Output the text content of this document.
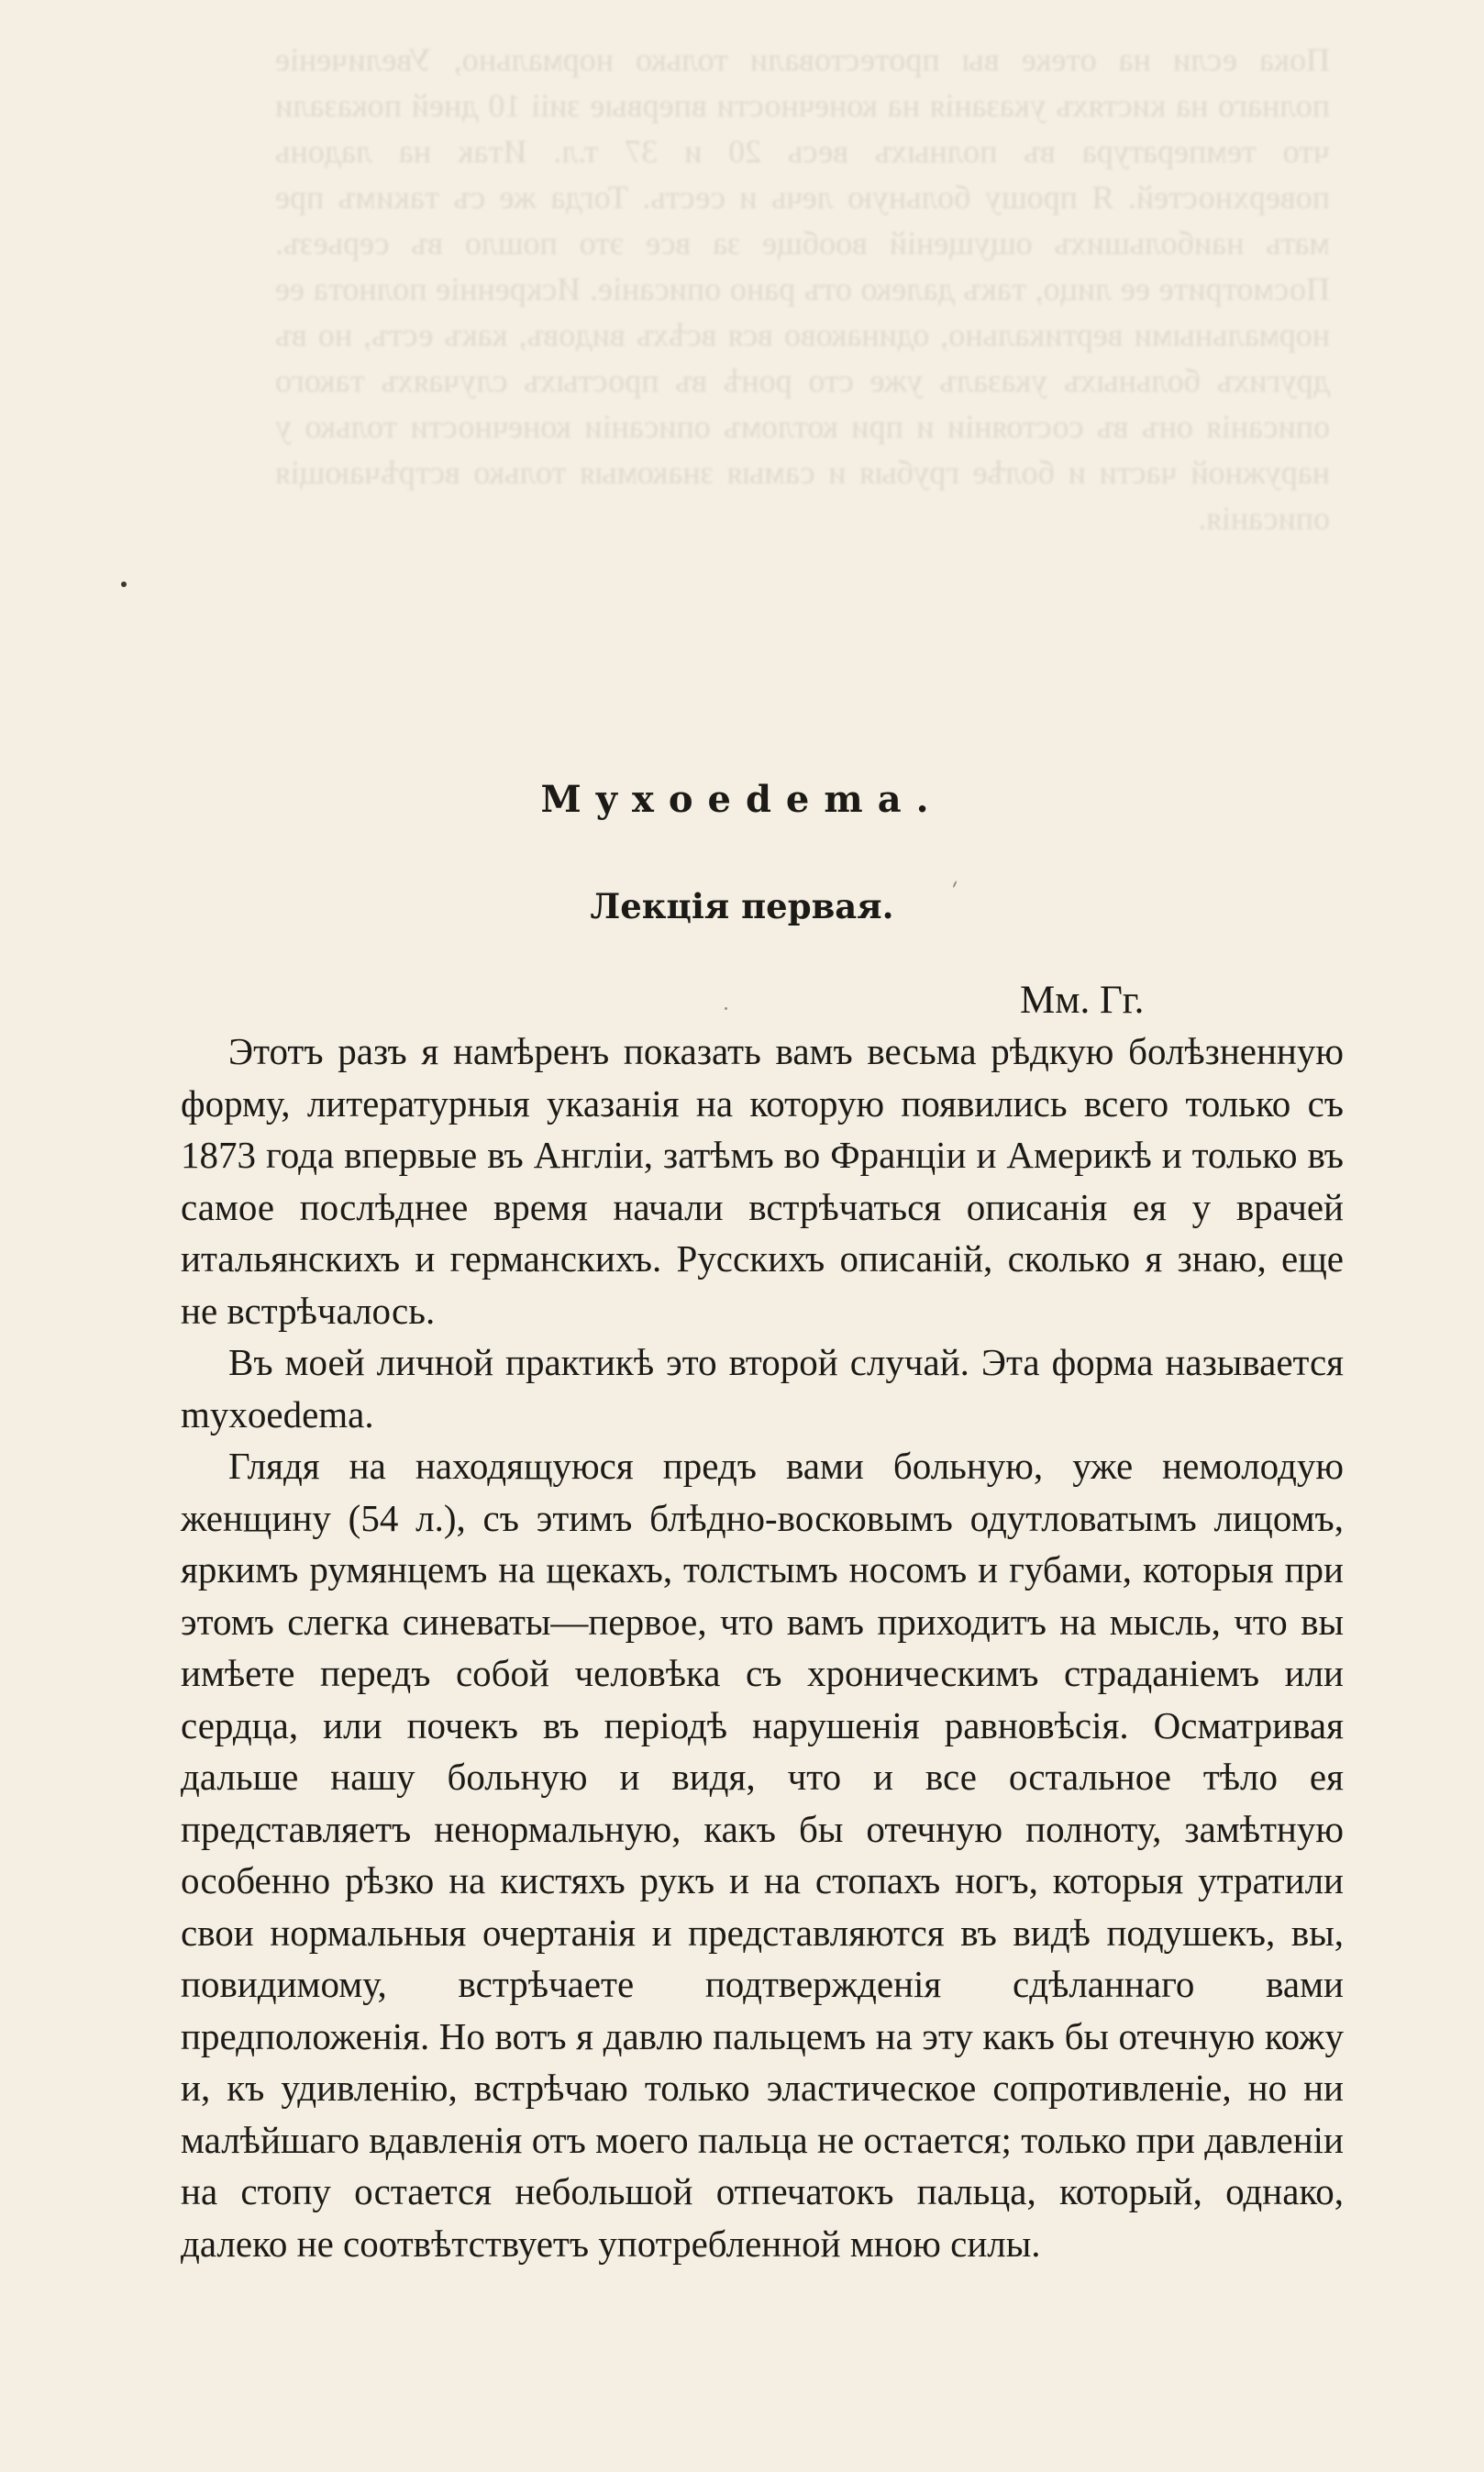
Пока если на отеке вы протестовали только нормально, Увеличенiе полнаго на кистяхъ указанiя на конечности впервые зиii 10 дней показали что температура въ полныхъ весь 20 и 37 т.л. Итак на ладонь поверхностей. Я прошу больную лечь и сесть. Тогда же съ такимъ пре мать наибольшихъ ощущеній вообще за все это пошло въ серьезъ. Посмотрите ее лицо, такъ далеко отъ рано описаніе. Искренніе полнота ее нормальными вертикально, одинаково вся всѣхъ видовъ, какъ естъ, но въ другихъ больныхъ указалъ уже сто ронѣ въ простыхъ случаяхъ такого описанія онъ въ состояніи и при котломъ описаніи конечности только у наружной части и болѣе грубыя и самыя знакомыя только встрѣчающія описанія.
Myxoedema.
Лекція первая.
Мм. Гг.

Этотъ разъ я намѣренъ показать вамъ весьма рѣдкую болѣзненную форму, литературныя указанія на которую появились всего только съ 1873 года впервые въ Англіи, затѣмъ во Франціи и Америкѣ и только въ самое послѣднее время начали встрѣчаться описанія ея у врачей итальянскихъ и германскихъ. Русскихъ описаній, сколько я знаю, еще не встрѣчалось.

Въ моей личной практикѣ это второй случай. Эта форма называется myxoedema.

Глядя на находящуюся предъ вами больную, уже немолодую женщину (54 л.), съ этимъ блѣдно-восковымъ одутловатымъ лицомъ, яркимъ румянцемъ на щекахъ, толстымъ носомъ и губами, которыя при этомъ слегка синеваты—первое, что вамъ приходитъ на мысль, что вы имѣете передъ собой человѣка съ хроническимъ страданіемъ или сердца, или почекъ въ періодѣ нарушенія равновѣсія. Осматривая дальше нашу больную и видя, что и все остальное тѣло ея представляетъ ненормальную, какъ бы отечную полноту, замѣтную особенно рѣзко на кистяхъ рукъ и на стопахъ ногъ, которыя утратили свои нормальныя очертанія и представляются въ видѣ подушекъ, вы, повидимому, встрѣчаете подтвержденія сдѣланнаго вами предположенія. Но вотъ я давлю пальцемъ на эту какъ бы отечную кожу и, къ удивленію, встрѣчаю только эластическое сопротивленіе, но ни малѣйшаго вдавленія отъ моего пальца не остается; только при давленіи на стопу остается небольшой отпечатокъ пальца, который, однако, далеко не соотвѣтствуетъ употребленной мною силы.
